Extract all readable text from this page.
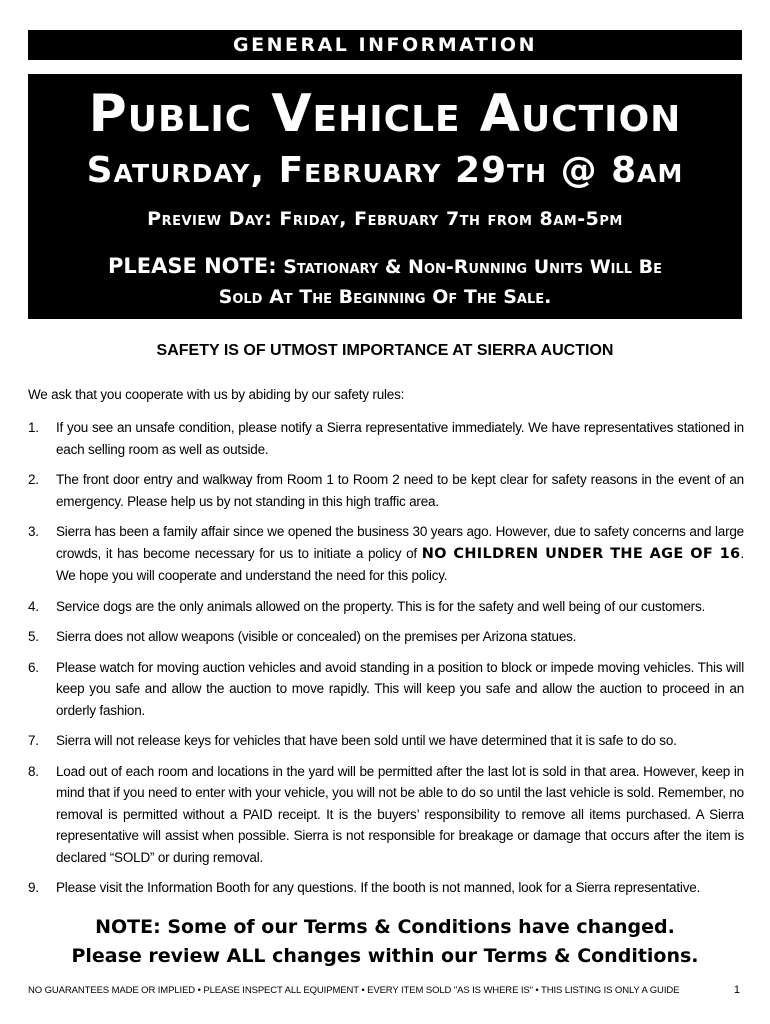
GENERAL INFORMATION
Public Vehicle Auction
Saturday, February 29th @ 8am
Preview Day: Friday, February 7th from 8am-5pm
PLEASE NOTE: Stationary & Non-Running Units Will Be
Sold At The Beginning Of The Sale.
SAFETY IS OF UTMOST IMPORTANCE AT SIERRA AUCTION
We ask that you cooperate with us by abiding by our safety rules:
1. If you see an unsafe condition, please notify a Sierra representative immediately. We have representatives stationed in each selling room as well as outside.
2. The front door entry and walkway from Room 1 to Room 2 need to be kept clear for safety reasons in the event of an emergency. Please help us by not standing in this high traffic area.
3. Sierra has been a family affair since we opened the business 30 years ago. However, due to safety concerns and large crowds, it has become necessary for us to initiate a policy of NO CHILDREN UNDER THE AGE OF 16. We hope you will cooperate and understand the need for this policy.
4. Service dogs are the only animals allowed on the property. This is for the safety and well being of our customers.
5. Sierra does not allow weapons (visible or concealed) on the premises per Arizona statues.
6. Please watch for moving auction vehicles and avoid standing in a position to block or impede moving vehicles. This will keep you safe and allow the auction to move rapidly. This will keep you safe and allow the auction to proceed in an orderly fashion.
7. Sierra will not release keys for vehicles that have been sold until we have determined that it is safe to do so.
8. Load out of each room and locations in the yard will be permitted after the last lot is sold in that area. However, keep in mind that if you need to enter with your vehicle, you will not be able to do so until the last vehicle is sold. Remember, no removal is permitted without a PAID receipt. It is the buyers’ responsibility to remove all items purchased. A Sierra representative will assist when possible. Sierra is not responsible for breakage or damage that occurs after the item is declared “SOLD” or during removal.
9. Please visit the Information Booth for any questions. If the booth is not manned, look for a Sierra representative.
NOTE: Some of our Terms & Conditions have changed.
Please review ALL changes within our Terms & Conditions.
NO GUARANTEES MADE OR IMPLIED • PLEASE INSPECT ALL EQUIPMENT • EVERY ITEM SOLD "AS IS WHERE IS" • THIS LISTING IS ONLY A GUIDE	1
